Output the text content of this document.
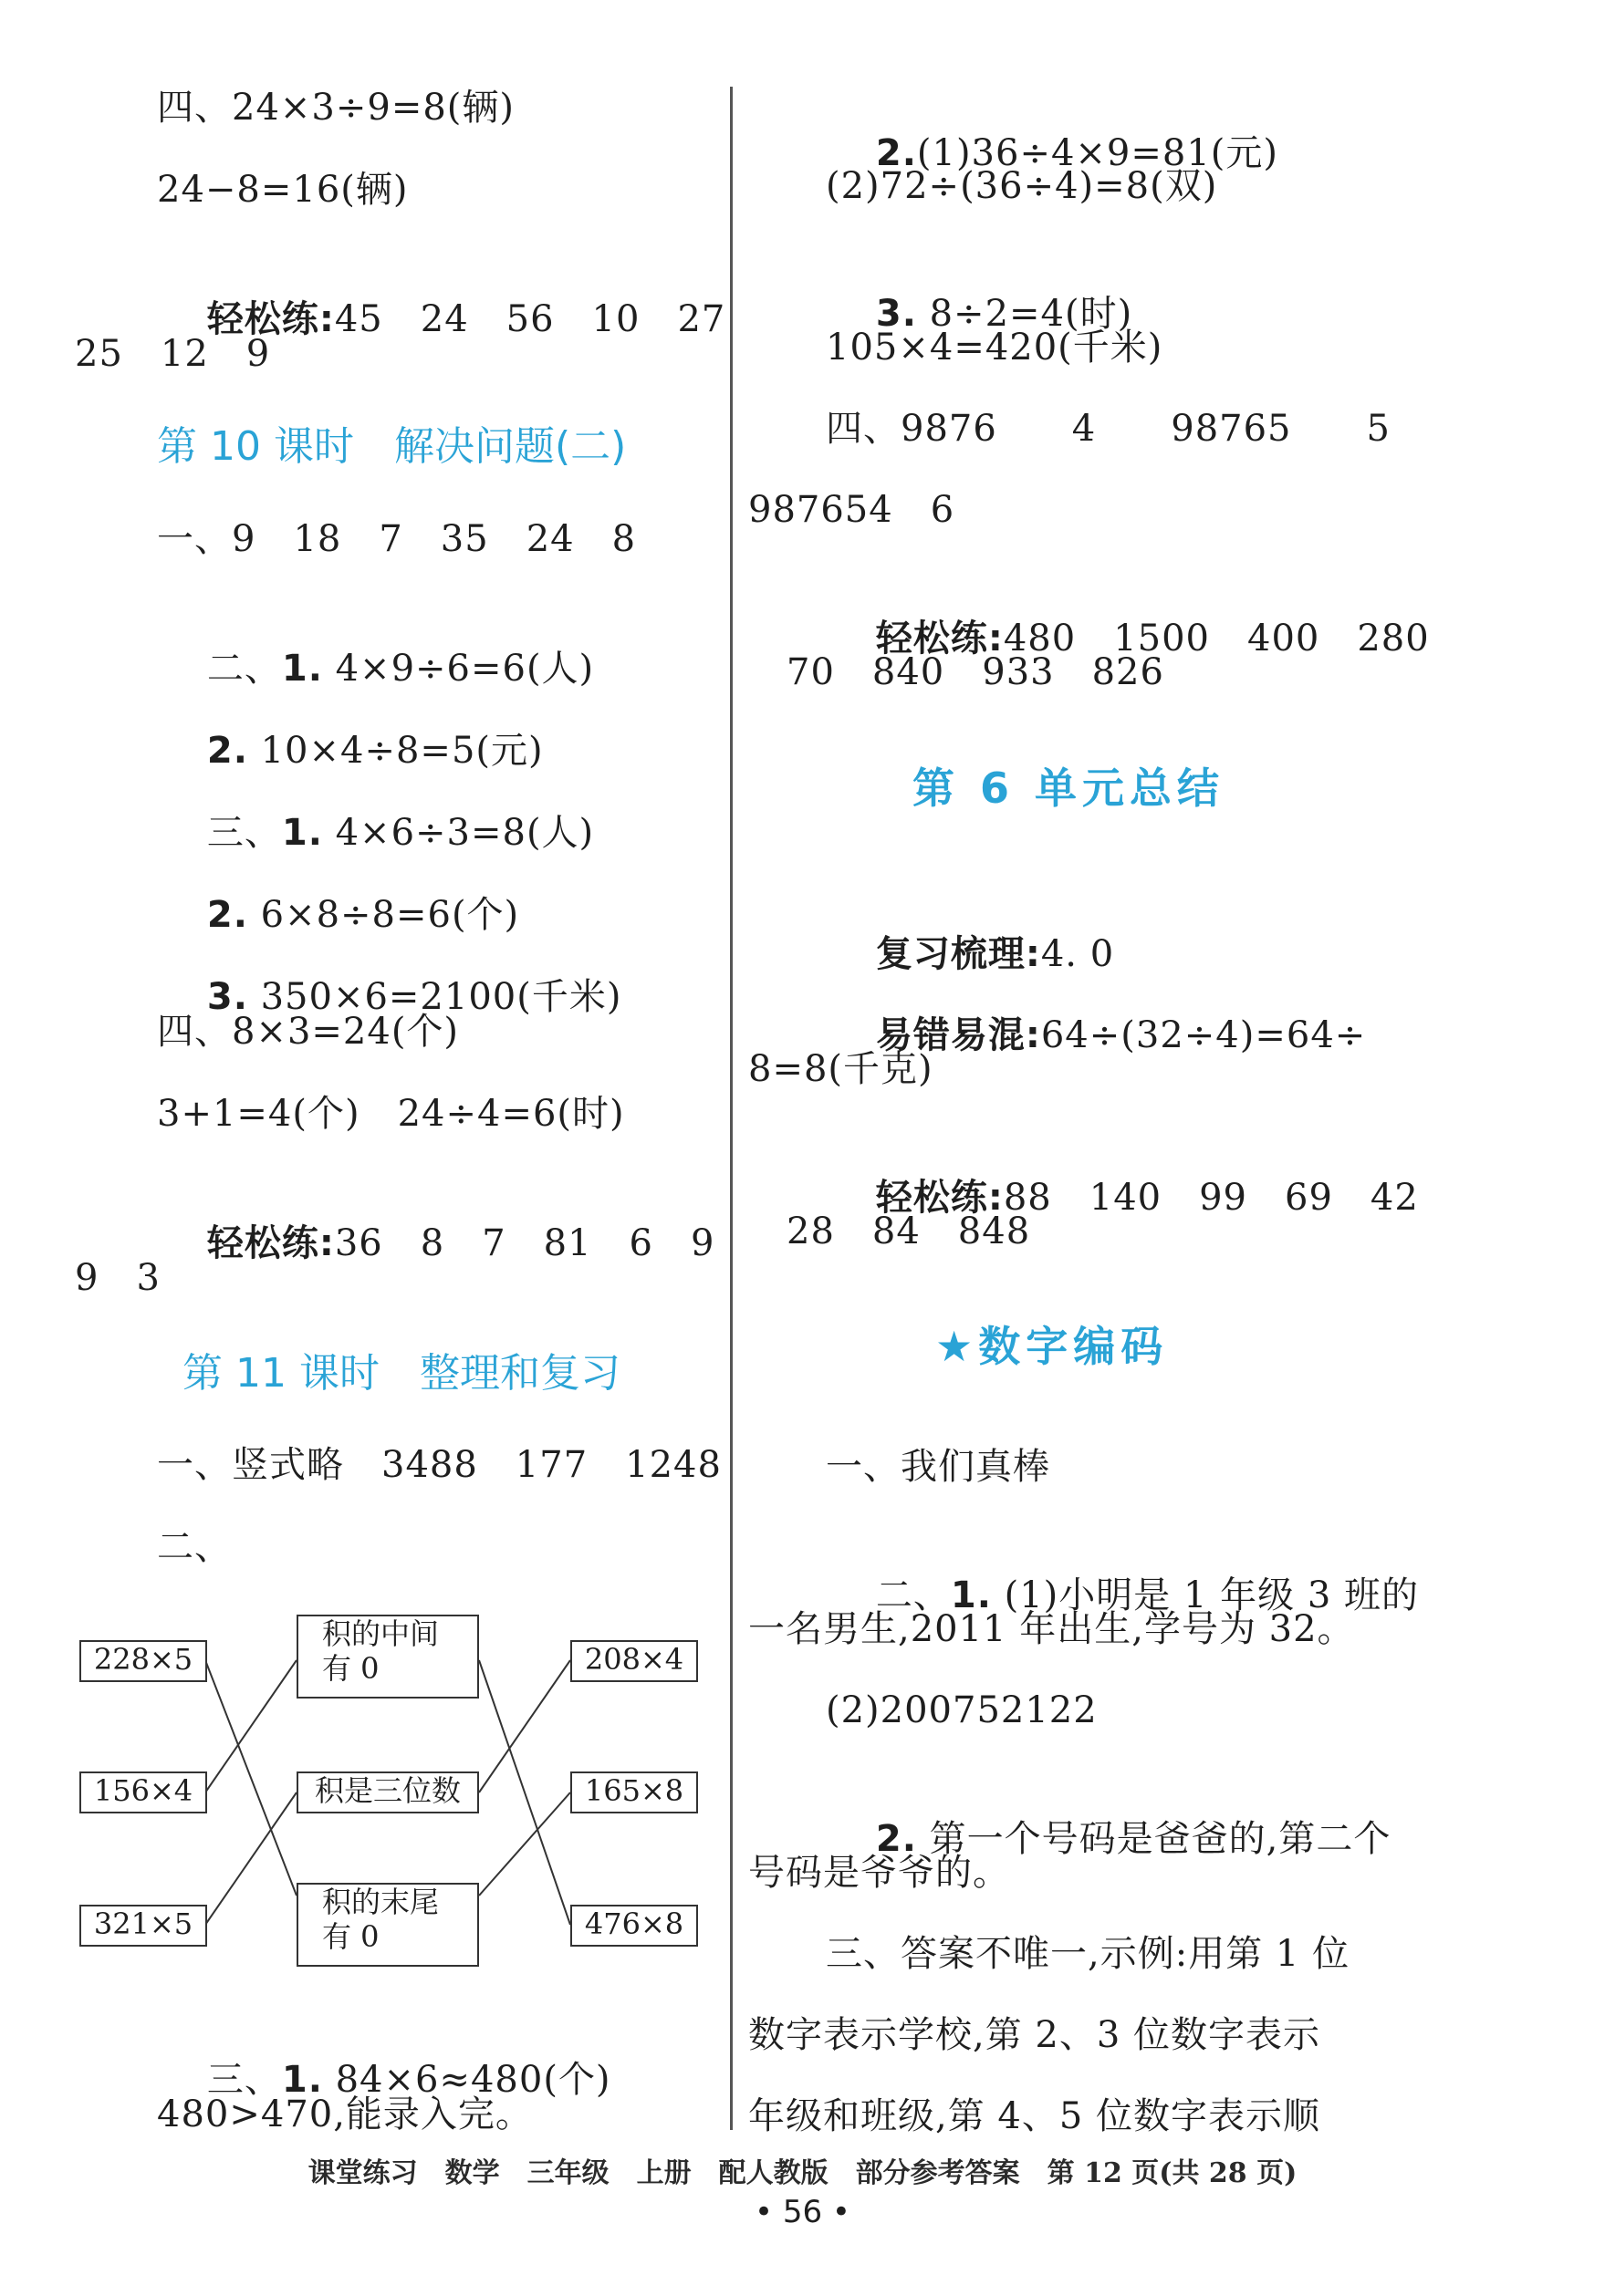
四、24×3÷9=8(辆)
24−8=16(辆)

轻松练:45　24　56　10　27

25　12　9
第 10 课时　解决问题(二)
一、9　18　7　35　24　8

二、1. 4×9÷6=6(人)

2. 10×4÷8=5(元)

三、1. 4×6÷3=8(人)

2. 6×8÷8=6(个)

3. 350×6=2100(千米)

四、8×3=24(个)
3+1=4(个)　24÷4=6(时)

轻松练:36　8　7　81　6　9

9　3
第 11 课时　整理和复习
一、竖式略　3488　177　1248
二、

三、1. 84×6≈480(个)

480>470,能录入完。
228×5
156×4
321×5
积的中间
有 0
积是三位数
积的末尾
有 0
208×4
165×8
476×8

2.(1)36÷4×9=81(元)

(2)72÷(36÷4)=8(双)

3. 8÷2=4(时)

105×4=420(千米)
四、9876　　4　　98765　　5
987654　6

轻松练:480　1500　400　280

70　840　933　826
第 6 单元总结

复习梳理:4. 0

易错易混:64÷(32÷4)=64÷

8=8(千克)

轻松练:88　140　99　69　42

28　84　848
★数字编码
一、我们真棒

二、1. (1)小明是 1 年级 3 班的

一名男生,2011 年出生,学号为 32。
(2)200752122

2. 第一个号码是爸爸的,第二个

号码是爷爷的。
三、答案不唯一,示例:用第 1 位
数字表示学校,第 2、3 位数字表示
年级和班级,第 4、5 位数字表示顺
课堂练习　数学　三年级　上册　配人教版　部分参考答案　第 12 页(共 28 页)
• 56 •
